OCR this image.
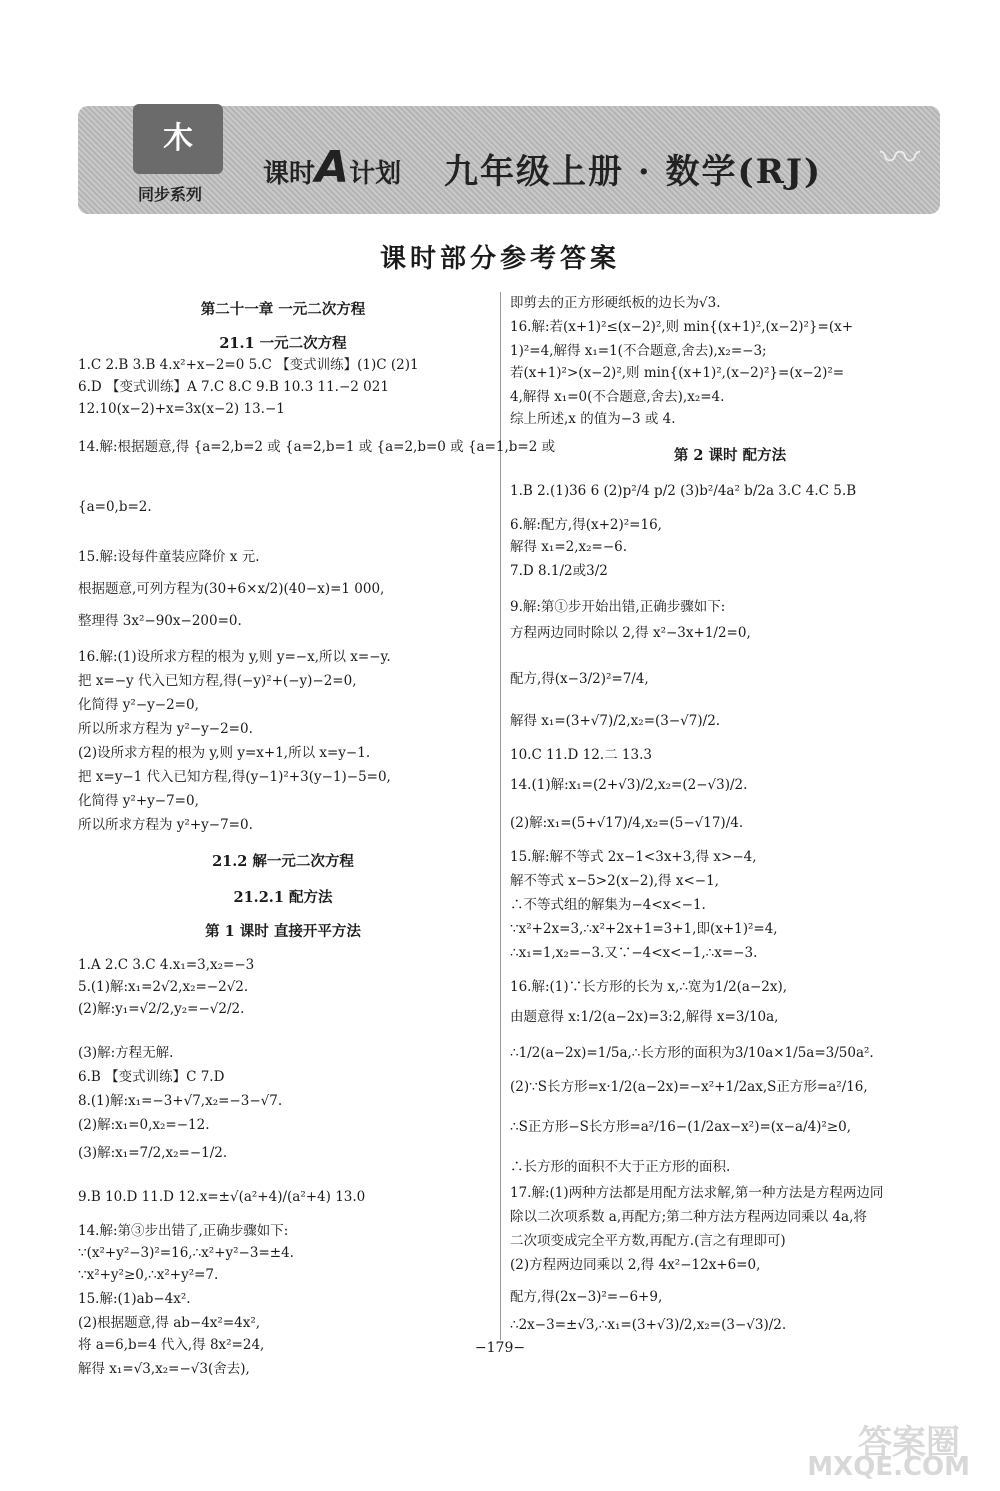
木
同步系列
课时A计划 九年级上册 · 数学(RJ) 〰
课时部分参考答案
第二十一章 一元二次方程
21.1 一元二次方程
1.C 2.B 3.B 4.x²+x−2=0 5.C 【变式训练】(1)C (2)1
6.D 【变式训练】A 7.C 8.C 9.B 10.3 11.−2 021
12.10(x−2)+x=3x(x−2) 13.−1
14.解:根据题意,得 {a=2,b=2 或 {a=2,b=1 或 {a=2,b=0 或 {a=1,b=2 或
{a=0,b=2.
15.解:设每件童装应降价 x 元.
根据题意,可列方程为(30+6×x/2)(40−x)=1 000,
整理得 3x²−90x−200=0.
16.解:(1)设所求方程的根为 y,则 y=−x,所以 x=−y.
把 x=−y 代入已知方程,得(−y)²+(−y)−2=0,
化简得 y²−y−2=0,
所以所求方程为 y²−y−2=0.
(2)设所求方程的根为 y,则 y=x+1,所以 x=y−1.
把 x=y−1 代入已知方程,得(y−1)²+3(y−1)−5=0,
化简得 y²+y−7=0,
所以所求方程为 y²+y−7=0.
21.2 解一元二次方程
21.2.1 配方法
第 1 课时 直接开平方法
1.A 2.C 3.C 4.x₁=3,x₂=−3
5.(1)解:x₁=2√2,x₂=−2√2.
(2)解:y₁=√2/2,y₂=−√2/2.
(3)解:方程无解.
6.B 【变式训练】C 7.D
8.(1)解:x₁=−3+√7,x₂=−3−√7.
(2)解:x₁=0,x₂=−12.
(3)解:x₁=7/2,x₂=−1/2.
9.B 10.D 11.D 12.x=±√(a²+4)/(a²+4) 13.0
14.解:第③步出错了,正确步骤如下:
∵(x²+y²−3)²=16,∴x²+y²−3=±4.
∵x²+y²≥0,∴x²+y²=7.
15.解:(1)ab−4x².
(2)根据题意,得 ab−4x²=4x²,
将 a=6,b=4 代入,得 8x²=24,
解得 x₁=√3,x₂=−√3(舍去),
即剪去的正方形硬纸板的边长为√3.
16.解:若(x+1)²≤(x−2)²,则 min{(x+1)²,(x−2)²}=(x+
1)²=4,解得 x₁=1(不合题意,舍去),x₂=−3;
若(x+1)²>(x−2)²,则 min{(x+1)²,(x−2)²}=(x−2)²=
4,解得 x₁=0(不合题意,舍去),x₂=4.
综上所述,x 的值为−3 或 4.
第 2 课时 配方法
1.B 2.(1)36 6 (2)p²/4 p/2 (3)b²/4a² b/2a 3.C 4.C 5.B
6.解:配方,得(x+2)²=16,
解得 x₁=2,x₂=−6.
7.D 8.1/2或3/2
9.解:第①步开始出错,正确步骤如下:
方程两边同时除以 2,得 x²−3x+1/2=0,
配方,得(x−3/2)²=7/4,
解得 x₁=(3+√7)/2,x₂=(3−√7)/2.
10.C 11.D 12.二 13.3
14.(1)解:x₁=(2+√3)/2,x₂=(2−√3)/2.
(2)解:x₁=(5+√17)/4,x₂=(5−√17)/4.
15.解:解不等式 2x−1<3x+3,得 x>−4,
解不等式 x−5>2(x−2),得 x<−1,
∴不等式组的解集为−4<x<−1.
∵x²+2x=3,∴x²+2x+1=3+1,即(x+1)²=4,
∴x₁=1,x₂=−3.又∵−4<x<−1,∴x=−3.
16.解:(1)∵长方形的长为 x,∴宽为1/2(a−2x),
由题意得 x:1/2(a−2x)=3:2,解得 x=3/10a,
∴1/2(a−2x)=1/5a,∴长方形的面积为3/10a×1/5a=3/50a².
(2)∵S长方形=x·1/2(a−2x)=−x²+1/2ax,S正方形=a²/16,
∴S正方形−S长方形=a²/16−(1/2ax−x²)=(x−a/4)²≥0,
∴长方形的面积不大于正方形的面积.
17.解:(1)两种方法都是用配方法求解,第一种方法是方程两边同
除以二次项系数 a,再配方;第二种方法方程两边同乘以 4a,将
二次项变成完全平方数,再配方.(言之有理即可)
(2)方程两边同乘以 2,得 4x²−12x+6=0,
配方,得(2x−3)²=−6+9,
∴2x−3=±√3,∴x₁=(3+√3)/2,x₂=(3−√3)/2.
−179−
答案圈
MXQE.COM
